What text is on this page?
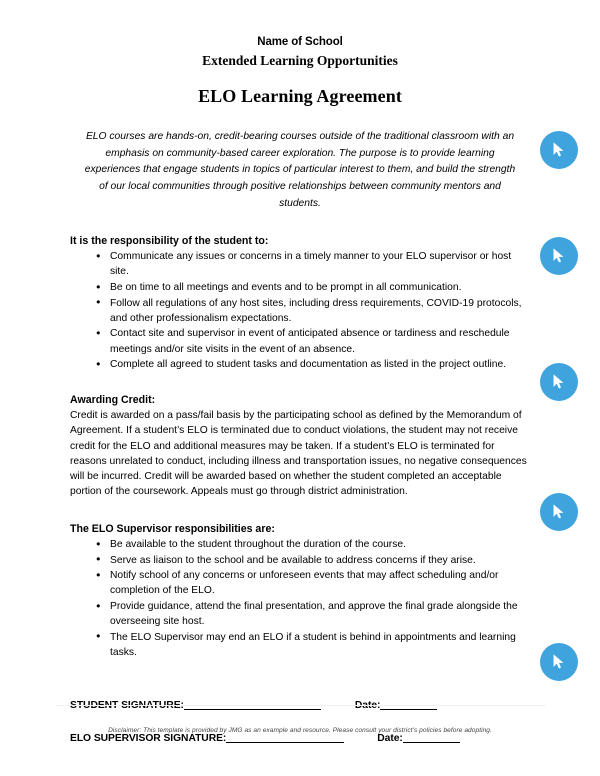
Name of School
Extended Learning Opportunities
ELO Learning Agreement
ELO courses are hands-on, credit-bearing courses outside of the traditional classroom with an emphasis on community-based career exploration. The purpose is to provide learning experiences that engage students in topics of particular interest to them, and build the strength of our local communities through positive relationships between community mentors and students.
It is the responsibility of the student to:
● Communicate any issues or concerns in a timely manner to your ELO supervisor or host site.
● Be on time to all meetings and events and to be prompt in all communication.
● Follow all regulations of any host sites, including dress requirements, COVID-19 protocols, and other professionalism expectations.
● Contact site and supervisor in event of anticipated absence or tardiness and reschedule meetings and/or site visits in the event of an absence.
● Complete all agreed to student tasks and documentation as listed in the project outline.
Awarding Credit:
Credit is awarded on a pass/fail basis by the participating school as defined by the Memorandum of Agreement. If a student’s ELO is terminated due to conduct violations, the student may not receive credit for the ELO and additional measures may be taken. If a student’s ELO is terminated for reasons unrelated to conduct, including illness and transportation issues, no negative consequences will be incurred. Credit will be awarded based on whether the student completed an acceptable portion of the coursework. Appeals must go through district administration.
The ELO Supervisor responsibilities are:
● Be available to the student throughout the duration of the course.
● Serve as liaison to the school and be available to address concerns if they arise.
● Notify school of any concerns or unforeseen events that may affect scheduling and/or completion of the ELO.
● Provide guidance, attend the final presentation, and approve the final grade alongside the overseeing site host.
● The ELO Supervisor may end an ELO if a student is behind in appointments and learning tasks.
ELO SUPERVISOR SIGNATURE:	Date:
Disclaimer: This template is provided by JMG as an example and resource. Please consult your district’s policies before adopting.
